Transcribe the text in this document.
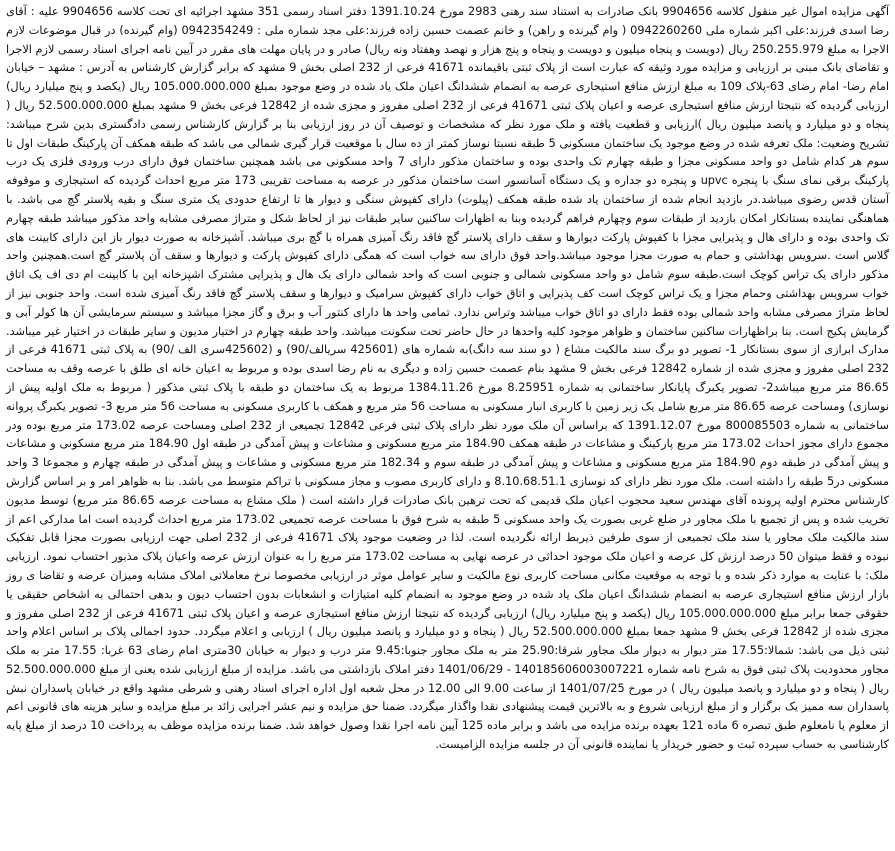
آگهی مزایده اموال غیر منقول کلاسه 9904656 بانک صادرات به استناد سند رهنی 2983 مورخ 1391.10.24 دفتر اسناد رسمی 351 مشهد اجرائیه ای تحت کلاسه 9904656 علیه : آقای رضا اسدی فرزند:علی اکبر شماره ملی 0942260260 ( وام گیرنده و راهن) و خانم عصمت حسین زاده فرزند:علی مجد شماره ملی : 0942354249 (وام گیرنده) در قبال موضوعات لازم الاجرا به مبلغ 250.255.979 ریال (دویست و پنجاه میلیون و دویست و پنجاه و پنج هزار و نهصد وهفتاد ونه ریال) صادر و در پایان مهلت های مقرر در آیین نامه اجرای اسناد رسمی لازم الاجرا و تقاضای بانک مبنی بر ارزیابی و مزایده مورد وثیقه که عبارت است از پلاک ثبتی باقیمانده 41671 فرعی از 232 اصلی بخش 9 مشهد که برابر گزارش کارشناس به آدرس : مشهد – خیابان امام رضا- امام رضای 63-پلاک 109 به مبلغ ارزش منافع استیجاری عرصه به انضمام ششدانگ اعیان ملک یاد شده در وضع موجود بمبلغ 105.000.000.000 ریال (یکصد و پنج میلیارد ریال) ارزیابی گردیده که نتیجتا ارزش منافع استیجاری عرصه و اعیان پلاک ثبتی 41671 فرعی از 232 اصلی مفروز و مجزی شده از 12842 فرعی بخش 9 مشهد بمبلغ 52.500.000.000 ریال ( پنجاه و دو میلیارد و پانصد میلیون ریال )ارزیابی و قطعیت یافته و ملک مورد نظر که مشخصات و توصیف آن در روز ارزیابی بنا بر گزارش کارشناس رسمی دادگستری بدین شرح میباشد: تشریح وضعیت: ملک تعرفه شده در وضع موجود یک ساختمان مسکونی 5 طبقه نسبتا نوساز کمتر از ده سال با موقعیت قرار گیری شمالی می باشد که طبقه همکف آن پارکینگ طبقات اول تا سوم هر کدام شامل دو واحد مسکونی مجزا و طبقه چهارم تک واحدی بوده و ساختمان مذکور دارای 7 واحد مسکونی می باشد همچنین ساختمان فوق دارای درب ورودی فلزی یک درب پارکینگ برقی نمای سنگ با پنجره upvc و پنجره دو جداره و یک دستگاه آسانسور است ساختمان مذکور در عرصه به مساحت تقریبی 173 متر مربع احداث گردیده که استیجاری و موقوفه آستان قدس رضوی میباشد.در بازدید انجام شده از ساختمان یاد شده طبقه همکف (پیلوت) دارای کفپوش سنگی و دیوار ها تا ارتفاع حدودی یک متری سنگ و بقیه پلاستر گچ می باشد. با هماهنگی نماینده بستانکار امکان بازدید از طبقات سوم وچهارم فراهم گردیده وبنا به اظهارات ساکنین سایر طبقات نیز از لحاظ شکل و متراژ مصرفی مشابه واحد مذکور میباشد طبقه چهارم تک واحدی بوده و دارای هال و پذیرایی مجزا با کفپوش پارکت دیوارها و سقف دارای پلاستر گچ فاقد رنگ آمیزی همراه با گچ بری میباشد. آشپزخانه به صورت دیوار باز این دارای کابینت های گلاس است .سرویس بهداشتی و حمام به صورت مجزا موجود میباشد.واحد فوق دارای سه خواب است که همگی دارای کفپوش پارکت و دیوارها و سقف آن پلاستر گچ است.همچنین واحد مذکور دارای یک تراس کوچک است.طبقه سوم شامل دو واحد مسکونی شمالی و جنوبی است که واحد شمالی دارای یک هال و پذیرایی مشترک اشپزخانه این با کابینت ام دی اف یک اتاق خواب سرویس بهداشتی وحمام مجزا و یک تراس کوچک است کف پذیرایی و اتاق خواب دارای کفپوش سرامیک و دیوارها و سقف پلاستر گچ فاقد رنگ آمیزی شده است. واحد جنوبی نیز از لحاظ متراژ مصرفی مشابه واحد شمالی بوده فقط دارای دو اتاق خواب میباشد وتراس ندارد. تمامی واحد ها دارای کنتور آب و برق و گاز مجزا میباشد و سیستم سرمایشی آن ها کولر آبی و گرمایش پکیج است. بنا براظهارات ساکنین ساختمان و ظواهر موجود کلیه واحدها در حال حاضر تحت سکونت میباشد. واحد طبقه چهارم در اختیار مدیون و سایر طبقات در اختیار غیر میباشد. مدارک ابرازی از سوی بستانکار 1- تصویر دو برگ سند مالکیت مشاع ( دو سند سه دانگ)به شماره های (425601 سریالف/90) و (425602سری الف /90) به پلاک ثبتی 41671 فرعی از 232 اصلی مفروز و مجزی شده از شماره 12842 فرعی بخش 9 مشهد بنام عصمت حسین زاده و دیگری به نام رضا اسدی بوده و مربوط به اعیان خانه ای طلق با عرصه وقف به مساحت 86.65 متر مربع میباشد2- تصویر یکبرگ پایانکار ساختمانی به شماره 8.25951 مورخ 1384.11.26 مربوط به یک ساختمان دو طبقه با پلاک ثبتی مذکور ( مربوط به ملک اولیه پیش از نوسازی) ومساحت عرصه 86.65 متر مربع شامل یک زیر زمین با کاربری انبار مسکونی به مساحت 56 متر مربع و همکف با کاربری مسکونی به مساحت 56 متر مربع 3- تصویر یکبرگ پروانه ساختمانی به شماره 800085503 مورخ 1391.12.07 که براساس آن ملک مورد نظر دارای پلاک ثبتی فرعی 12842 تجمیعی از 232 اصلی ومساحت عرصه 173.02 متر مربع بوده ودر مجموع دارای مجوز احداث 173.02 متر مربع پارکینگ و مشاعات در طبقه همکف 184.90 متر مربع مسکونی و مشاعات و پیش آمدگی در طبقه اول 184.90 متر مربع مسکونی و مشاعات و پیش آمدگی در طبقه دوم 184.90 متر مربع مسکونی و مشاعات و پیش آمدگی در طبقه سوم و 182.34 متر مربع مسکونی و مشاعات و پیش آمدگی در طبقه چهارم و مجموعا 3 واحد مسکونی در5 طبقه را داشته است. ملک مورد نظر دارای کد نوسازی 8.10.68.51.1 و دارای کاربری مصوب و مجاز مسکونی با تراکم متوسط می باشد. بنا به ظواهر امر و بر اساس گزارش کارشناس محترم اولیه پرونده آقای مهندس سعید محجوب اعیان ملک قدیمی که تحت ترهین بانک صادرات قرار داشته است ( ملک مشاع به مساحت عرصه 86.65 متر مربع) توسط مدیون تخریب شده و پس از تجمیع با ملک مجاور در ضلع غربی بصورت یک واحد مسکونی 5 طبقه به شرح فوق با مساحت عرصه تجمیعی 173.02 متر مربع احداث گردیده است اما مدارکی اعم از سند مالکیت ملک مجاور یا سند ملک تجمیعی از سوی طرفین ذیربط ارائه نگردیده است. لذا در وضعیت موجود پلاک 41671 فرعی از 232 اصلی جهت ارزیابی بصورت مجزا قابل تفکیک نبوده و فقط میتوان 50 درصد ارزش کل عرصه و اعیان ملک موجود احداثی در عرصه نهایی به مساحت 173.02 متر مربع را به عنوان ارزش عرصه واعیان پلاک مذبور احتساب نمود. ارزیابی ملک: با عنایت به موارد ذکر شده و با توجه به موقعیت مکانی مساحت کاربری نوع مالکیت و سایر عوامل موثر در ارزیابی مخصوصا نرخ معاملاتی املاک مشابه ومیزان عرضه و تقاضا ی روز بازار ارزش منافع استیجاری عرصه به انضمام ششدانگ اعیان ملک یاد شده در وضع موجود به انضمام کلیه امتیازات و انشعابات بدون احتساب دیون و بدهی احتمالی به اشخاص حقیقی یا حقوقی جمعا برابر مبلغ 105.000.000.000 ریال (یکصد و پنج میلیارد ریال) ارزیابی گردیده که نتیجتا ارزش منافع استیجاری عرصه و اعیان پلاک ثبتی 41671 فرعی از 232 اصلی مفروز و مجزی شده از 12842 فرعی بخش 9 مشهد جمعا بمبلغ 52.500.000.000 ریال ( پنجاه و دو میلیارد و پانصد میلیون ریال ) ارزیابی و اعلام میگردد. حدود اجمالی پلاک بر اساس اعلام واحد ثبتی ذیل می باشد: شمالا:17.55 متر دیوار به دیوار ملک مجاور شرقا:25.90 متر به ملک مجاور جنوبا:9.45 متر درب و دیوار به خیابان 30متری امام رضای 63 غربا: 17.55 متر به ملک مجاور محدودیت پلاک ثبتی فوق به شرح نامه شماره 140185606003007221 - 1401/06/29 دفتر املاک بازداشتی می باشد. مزایده از مبلغ ارزیابی شده یعنی از مبلغ 52.500.000.000 ریال ( پنجاه و دو میلیارد و پانصد میلیون ریال ) در مورخ 1401/07/25 از ساعت 9.00 الی 12.00 در محل شعبه اول اداره اجرای اسناد رهنی و شرطی مشهد واقع در خیابان پاسداران نبش پاسداران سه ممیز یک برگزار و از مبلغ ارزیابی شروع و به بالاترین قیمت پیشنهادی نقدا واگذار میگردد. ضمنا حق مزایده و نیم عشر اجرایی زائد بر مبلغ مزایده و سایر هزینه های قانونی اعم از معلوم یا نامعلوم طبق تبصره 6 ماده 121 بعهده برنده مزایده می باشد و برابر ماده 125 آیین نامه اجرا نقدا وصول خواهد شد. ضمنا برنده مزایده موظف به پرداخت 10 درصد از مبلغ پایه کارشناسی به حساب سپرده ثبت و حضور خریدار یا نماینده قانونی آن در جلسه مزایده الزامیست.
